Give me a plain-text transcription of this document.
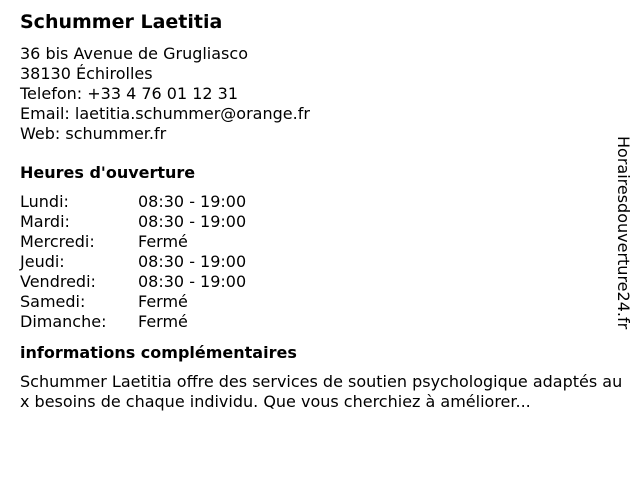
Schummer Laetitia
36 bis Avenue de Grugliasco
38130 Échirolles
Telefon: +33 4 76 01 12 31
Email: laetitia.schummer@orange.fr
Web: schummer.fr
Heures d'ouverture
Lundi:	08:30 - 19:00
Mardi:	08:30 - 19:00
Mercredi:	Fermé
Jeudi:	08:30 - 19:00
Vendredi:	08:30 - 19:00
Samedi:	Fermé
Dimanche:	Fermé
informations complémentaires
Schummer Laetitia offre des services de soutien psychologique adaptés aux besoins de chaque individu. Que vous cherchiez à améliorer...
Horairesdouverture24.fr
